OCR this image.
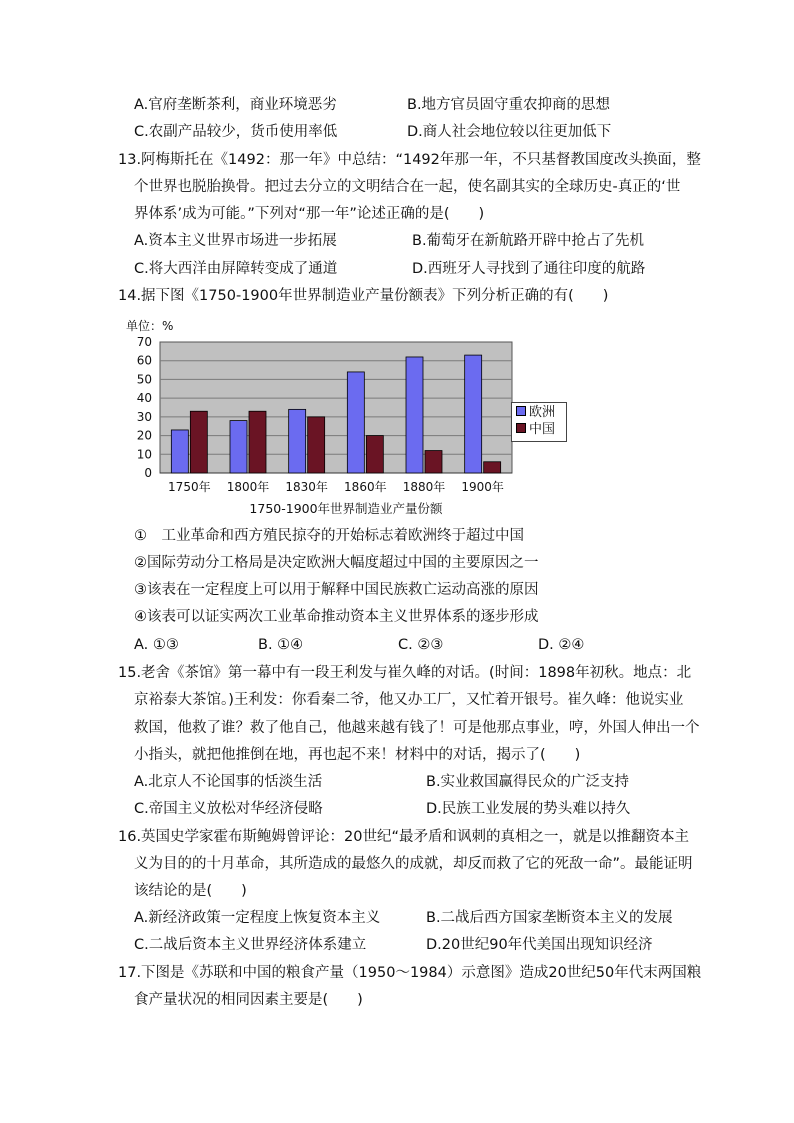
A.官府垄断茶利，商业环境恶劣	B.地方官员固守重农抑商的思想
C.农副产品较少，货币使用率低	D.商人社会地位较以往更加低下
13.阿梅斯托在《1492：那一年》中总结：“1492年那一年，不只基督教国度改头换面，整
个世界也脱胎换骨。把过去分立的文明结合在一起，使名副其实的全球历史-真正的‘世
界体系’成为可能。”下列对“那一年”论述正确的是(　　)
A.资本主义世界市场进一步拓展	B.葡萄牙在新航路开辟中抢占了先机
C.将大西洋由屏障转变成了通道	D.西班牙人寻找到了通往印度的航路
14.据下图《1750-1900年世界制造业产量份额表》下列分析正确的有(　　)
0
10
20
30
40
50
60
70
单位：%
1750年 1800年 1830年 1860年 1880年 1900年
1750-1900年世界制造业产量份额
欧洲
中国
①　工业革命和西方殖民掠夺的开始标志着欧洲终于超过中国
②国际劳动分工格局是决定欧洲大幅度超过中国的主要原因之一
③该表在一定程度上可以用于解释中国民族救亡运动高涨的原因
④该表可以证实两次工业革命推动资本主义世界体系的逐步形成
A. ①③	B. ①④	C. ②③	D. ②④
15.老舍《茶馆》第一幕中有一段王利发与崔久峰的对话。(时间：1898年初秋。地点：北
京裕泰大茶馆。)王利发：你看秦二爷，他又办工厂，又忙着开银号。崔久峰：他说实业
救国，他救了谁？救了他自己，他越来越有钱了！可是他那点事业，哼，外国人伸出一个
小指头，就把他推倒在地，再也起不来！材料中的对话，揭示了(　　)
A.北京人不论国事的恬淡生活	B.实业救国赢得民众的广泛支持
C.帝国主义放松对华经济侵略	D.民族工业发展的势头难以持久
16.英国史学家霍布斯鲍姆曾评论：20世纪“最矛盾和讽刺的真相之一，就是以推翻资本主
义为目的的十月革命，其所造成的最悠久的成就，却反而救了它的死敌一命”。最能证明
该结论的是(　　)
A.新经济政策一定程度上恢复资本主义	B.二战后西方国家垄断资本主义的发展
C.二战后资本主义世界经济体系建立	D.20世纪90年代美国出现知识经济
17.下图是《苏联和中国的粮食产量（1950～1984）示意图》造成20世纪50年代末两国粮
食产量状况的相同因素主要是(　　)
